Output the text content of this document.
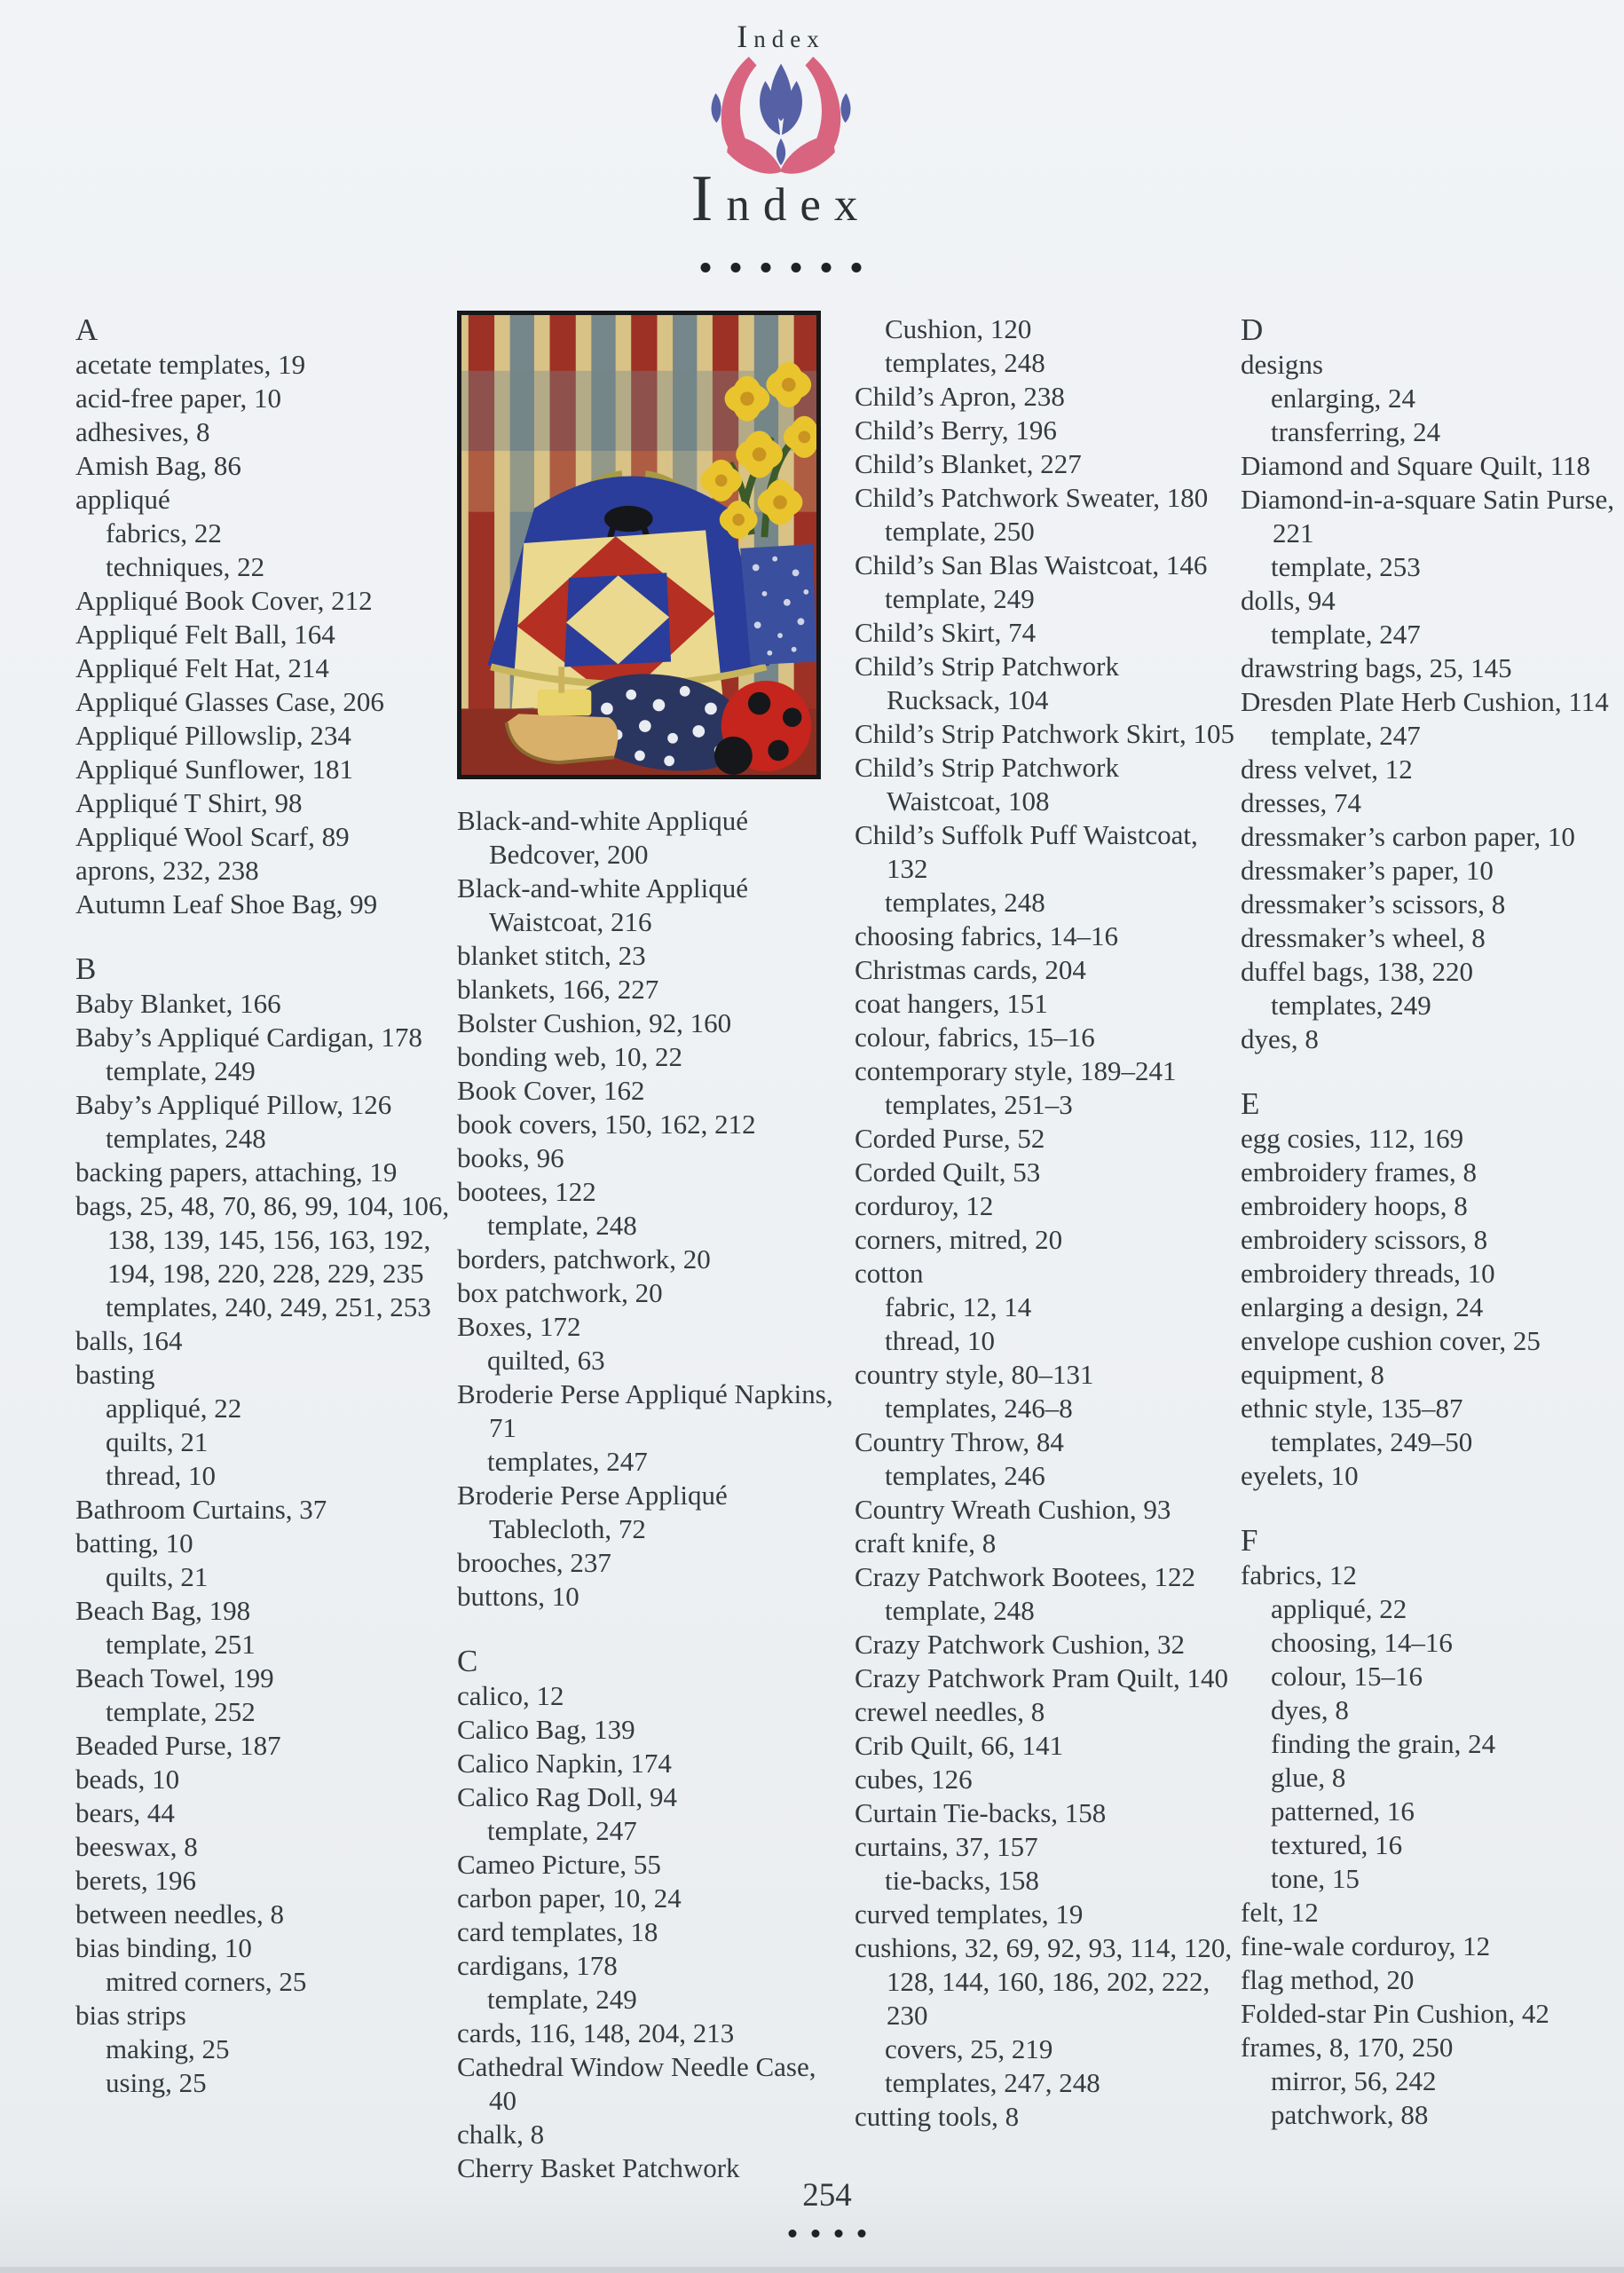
Index
Index
A
acetate templates, 19
acid-free paper, 10
adhesives, 8
Amish Bag, 86
appliqué
fabrics, 22
techniques, 22
Appliqué Book Cover, 212
Appliqué Felt Ball, 164
Appliqué Felt Hat, 214
Appliqué Glasses Case, 206
Appliqué Pillowslip, 234
Appliqué Sunflower, 181
Appliqué T Shirt, 98
Appliqué Wool Scarf, 89
aprons, 232, 238
Autumn Leaf Shoe Bag, 99
B
Baby Blanket, 166
Baby’s Appliqué Cardigan, 178
template, 249
Baby’s Appliqué Pillow, 126
templates, 248
backing papers, attaching, 19
bags, 25, 48, 70, 86, 99, 104, 106, 138, 139, 145, 156, 163, 192, 194, 198, 220, 228, 229, 235
templates, 240, 249, 251, 253
balls, 164
basting
appliqué, 22
quilts, 21
thread, 10
Bathroom Curtains, 37
batting, 10
quilts, 21
Beach Bag, 198
template, 251
Beach Towel, 199
template, 252
Beaded Purse, 187
beads, 10
bears, 44
beeswax, 8
berets, 196
between needles, 8
bias binding, 10
mitred corners, 25
bias strips
making, 25
using, 25
Black-and-white Appliqué Bedcover, 200
Black-and-white Appliqué Waistcoat, 216
blanket stitch, 23
blankets, 166, 227
Bolster Cushion, 92, 160
bonding web, 10, 22
Book Cover, 162
book covers, 150, 162, 212
books, 96
bootees, 122
template, 248
borders, patchwork, 20
box patchwork, 20
Boxes, 172
quilted, 63
Broderie Perse Appliqué Napkins, 71
templates, 247
Broderie Perse Appliqué Tablecloth, 72
brooches, 237
buttons, 10
C
calico, 12
Calico Bag, 139
Calico Napkin, 174
Calico Rag Doll, 94
template, 247
Cameo Picture, 55
carbon paper, 10, 24
card templates, 18
cardigans, 178
template, 249
cards, 116, 148, 204, 213
Cathedral Window Needle Case, 40
chalk, 8
Cherry Basket Patchwork
Cushion, 120
templates, 248
Child’s Apron, 238
Child’s Berry, 196
Child’s Blanket, 227
Child’s Patchwork Sweater, 180
template, 250
Child’s San Blas Waistcoat, 146
template, 249
Child’s Skirt, 74
Child’s Strip Patchwork Rucksack, 104
Child’s Strip Patchwork Skirt, 105
Child’s Strip Patchwork Waistcoat, 108
Child’s Suffolk Puff Waistcoat, 132
templates, 248
choosing fabrics, 14–16
Christmas cards, 204
coat hangers, 151
colour, fabrics, 15–16
contemporary style, 189–241
templates, 251–3
Corded Purse, 52
Corded Quilt, 53
corduroy, 12
corners, mitred, 20
cotton
fabric, 12, 14
thread, 10
country style, 80–131
templates, 246–8
Country Throw, 84
templates, 246
Country Wreath Cushion, 93
craft knife, 8
Crazy Patchwork Bootees, 122
template, 248
Crazy Patchwork Cushion, 32
Crazy Patchwork Pram Quilt, 140
crewel needles, 8
Crib Quilt, 66, 141
cubes, 126
Curtain Tie-backs, 158
curtains, 37, 157
tie-backs, 158
curved templates, 19
cushions, 32, 69, 92, 93, 114, 120, 128, 144, 160, 186, 202, 222, 230
covers, 25, 219
templates, 247, 248
cutting tools, 8
D
designs
enlarging, 24
transferring, 24
Diamond and Square Quilt, 118
Diamond-in-a-square Satin Purse, 221
template, 253
dolls, 94
template, 247
drawstring bags, 25, 145
Dresden Plate Herb Cushion, 114
template, 247
dress velvet, 12
dresses, 74
dressmaker’s carbon paper, 10
dressmaker’s paper, 10
dressmaker’s scissors, 8
dressmaker’s wheel, 8
duffel bags, 138, 220
templates, 249
dyes, 8
E
egg cosies, 112, 169
embroidery frames, 8
embroidery hoops, 8
embroidery scissors, 8
embroidery threads, 10
enlarging a design, 24
envelope cushion cover, 25
equipment, 8
ethnic style, 135–87
templates, 249–50
eyelets, 10
F
fabrics, 12
appliqué, 22
choosing, 14–16
colour, 15–16
dyes, 8
finding the grain, 24
glue, 8
patterned, 16
textured, 16
tone, 15
felt, 12
fine-wale corduroy, 12
flag method, 20
Folded-star Pin Cushion, 42
frames, 8, 170, 250
mirror, 56, 242
patchwork, 88
254
